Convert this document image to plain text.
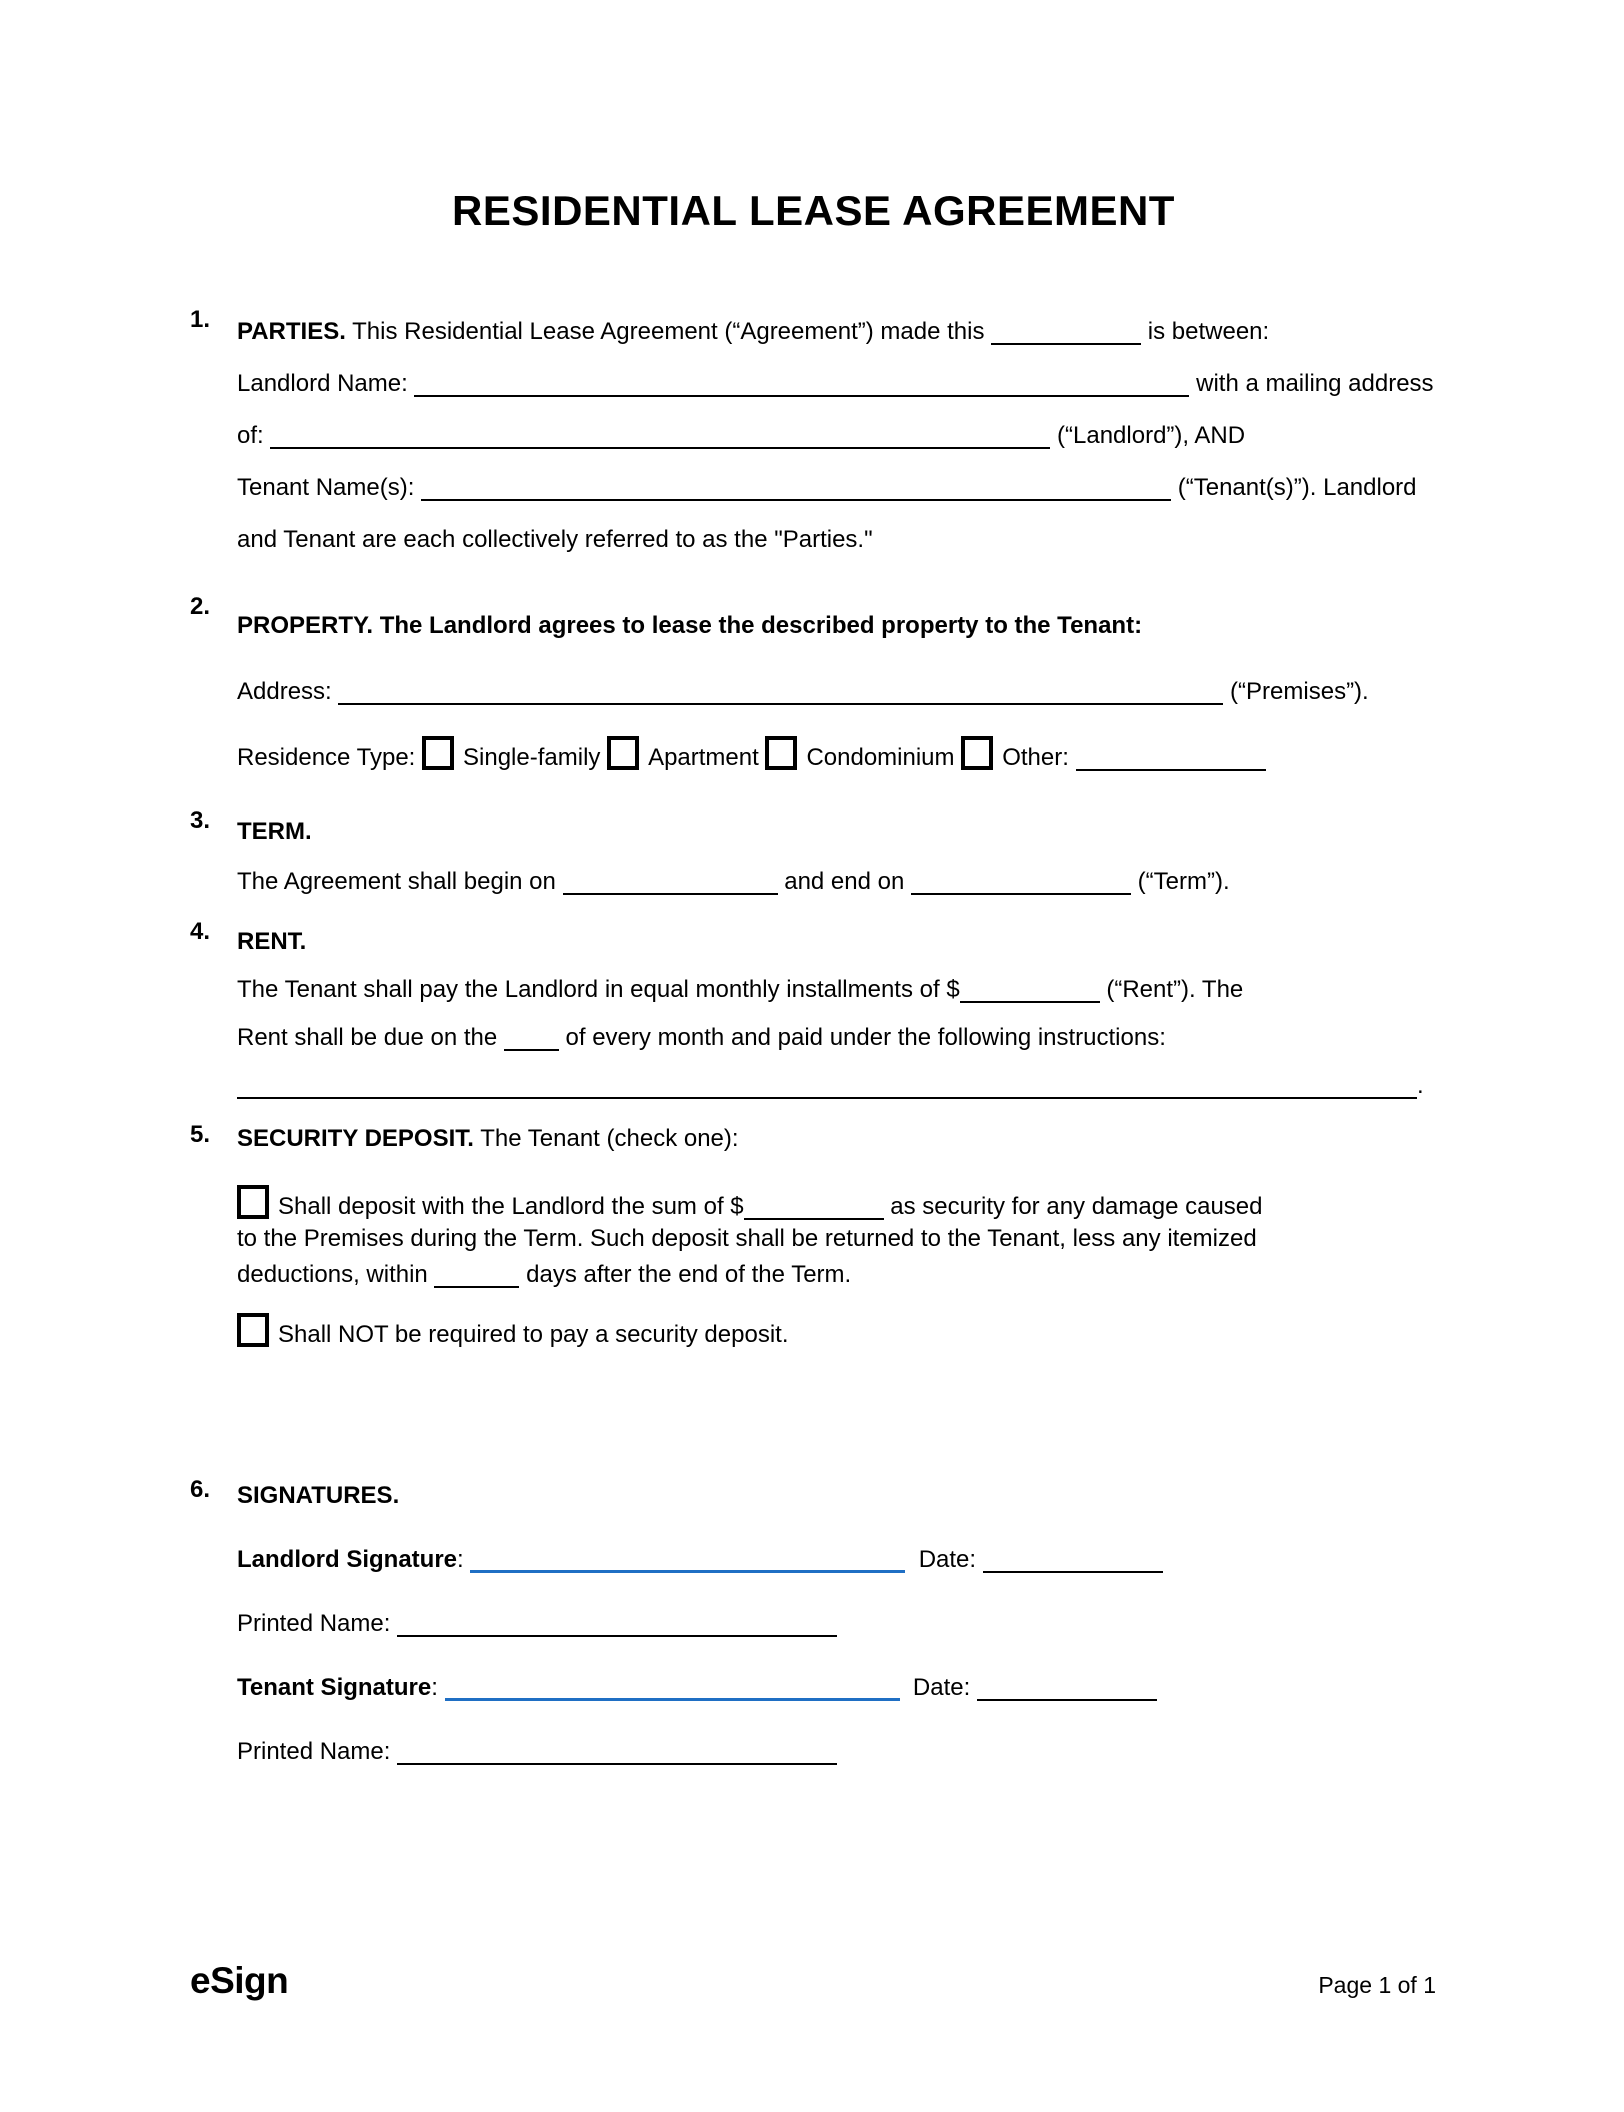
RESIDENTIAL LEASE AGREEMENT
1.	PARTIES. This Residential Lease Agreement (“Agreement”) made this	is between:
Landlord Name:	with a mailing address
of:	(“Landlord”), AND
Tenant Name(s):	(“Tenant(s)”). Landlord
and Tenant are each collectively referred to as the "Parties."
2.
PROPERTY. The Landlord agrees to lease the described property to the Tenant:
Address:	(“Premises”).
Residence Type: Single-family Apartment Condominium Other:
3.	TERM.
The Agreement shall begin on	and end on	(“Term”).
4.	RENT.
The Tenant shall pay the Landlord in equal monthly installments of $	(“Rent”). The
Rent shall be due on the  of every month and paid under the following instructions:
.
5.	SECURITY DEPOSIT. The Tenant (check one):
Shall deposit with the Landlord the sum of $	as security for any damage caused
to the Premises during the Term. Such deposit shall be returned to the Tenant, less any itemized
deductions, within	days after the end of the Term.
Shall NOT be required to pay a security deposit.
6.	SIGNATURES.
Landlord Signature:	Date:
Printed Name:
Tenant Signature:	Date:
Printed Name:
eSign	Page 1 of 1
